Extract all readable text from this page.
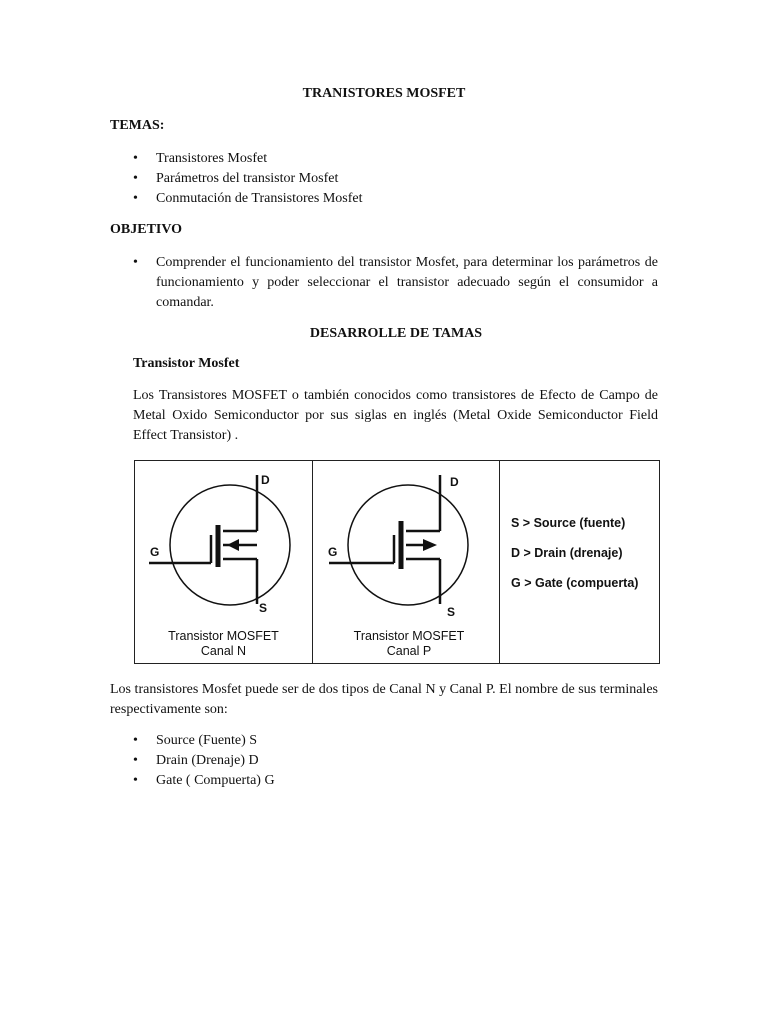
TRANISTORES MOSFET
TEMAS:
• Transistores Mosfet
• Parámetros del transistor Mosfet
• Conmutación de Transistores Mosfet
OBJETIVO
• Comprender el funcionamiento del transistor Mosfet, para determinar los parámetros de funcionamiento y poder seleccionar el transistor adecuado según el consumidor a comandar.
DESARROLLE DE TAMAS
Transistor Mosfet
Los Transistores MOSFET o también conocidos como transistores de Efecto de Campo de Metal Oxido Semiconductor por sus siglas en inglés (Metal Oxide Semiconductor Field Effect Transistor) .
D
G
S
Transistor MOSFET
Canal N
D
G
S
Transistor MOSFET
Canal P
S > Source (fuente)
D > Drain (drenaje)
G > Gate (compuerta)
Los transistores Mosfet puede ser de dos tipos de Canal N y Canal P. El nombre de sus terminales respectivamente son:
• Source (Fuente) S
• Drain (Drenaje) D
• Gate ( Compuerta) G
